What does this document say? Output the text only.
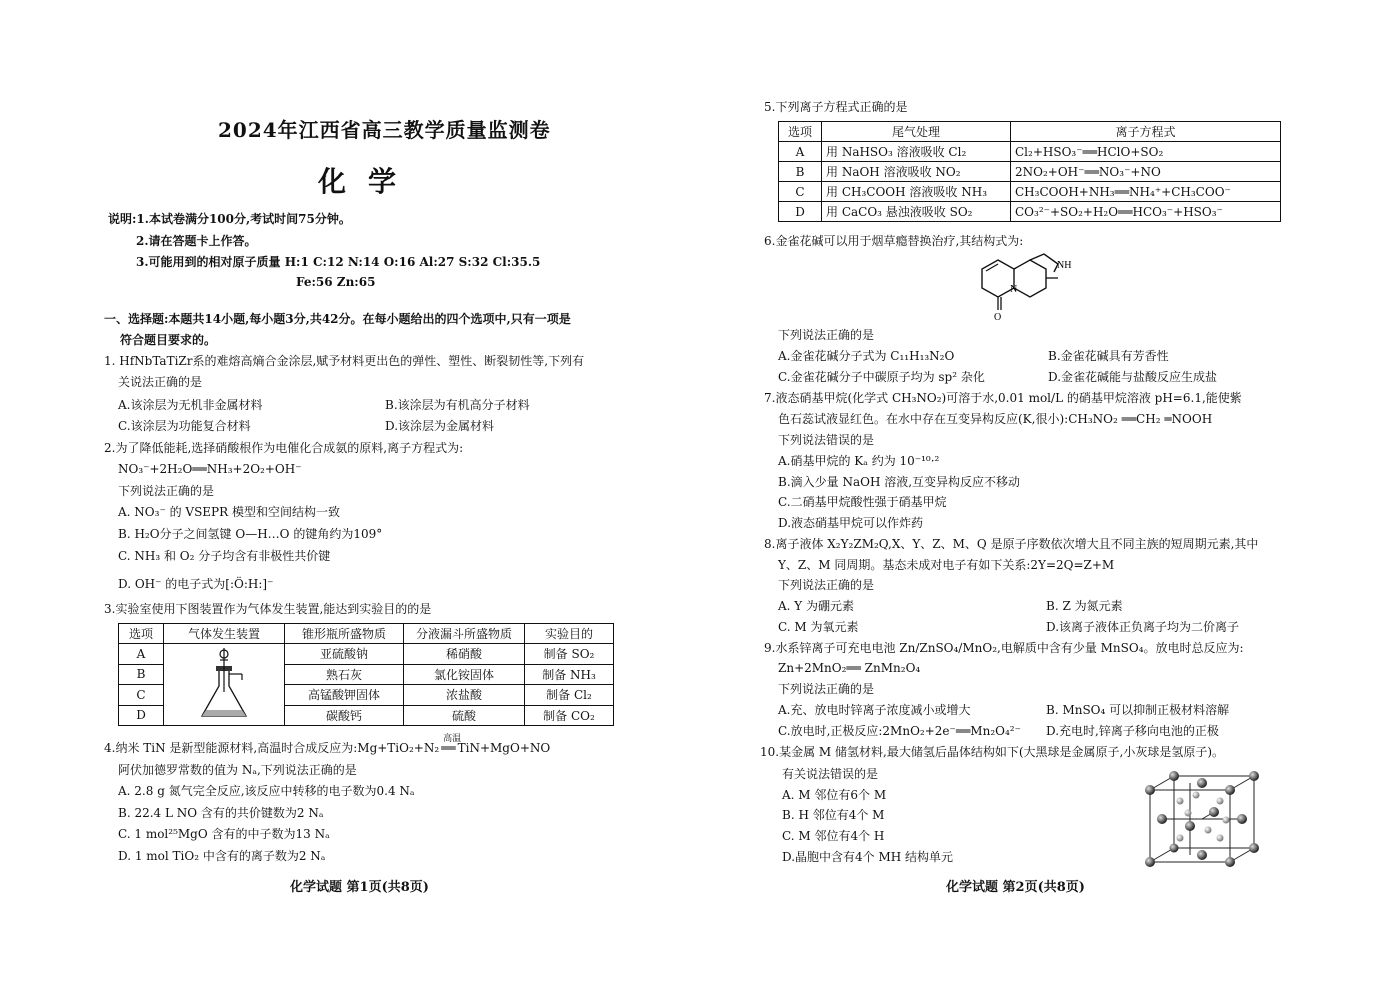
2024年江西省高三教学质量监测卷
化学
说明:1.本试卷满分100分,考试时间75分钟。
2.请在答题卡上作答。
3.可能用到的相对原子质量 H:1 C:12 N:14 O:16 Al:27 S:32 Cl:35.5
Fe:56 Zn:65
一、选择题:本题共14小题,每小题3分,共42分。在每小题给出的四个选项中,只有一项是
符合题目要求的。
1. HfNbTaTiZr系的难熔高熵合金涂层,赋予材料更出色的弹性、塑性、断裂韧性等,下列有
关说法正确的是
A.该涂层为无机非金属材料	B.该涂层为有机高分子材料
C.该涂层为功能复合材料	D.该涂层为金属材料
2.为了降低能耗,选择硝酸根作为电催化合成氨的原料,离子方程式为:
NO₃⁻+2H₂O══NH₃+2O₂+OH⁻
下列说法正确的是
A. NO₃⁻ 的 VSEPR 模型和空间结构一致
B. H₂O分子之间氢键 O—H…O 的键角约为109°
C. NH₃ 和 O₂ 分子均含有非极性共价键
D. OH⁻ 的电子式为[:Ö:H:]⁻
3.实验室使用下图装置作为气体发生装置,能达到实验目的的是
选项	气体发生装置	锥形瓶所盛物质	分液漏斗所盛物质	实验目的
A		亚硫酸钠	稀硝酸	制备 SO₂
B		熟石灰	氯化铵固体	制备 NH₃
C		高锰酸钾固体	浓盐酸	制备 Cl₂
D		碳酸钙	硫酸	制备 CO₂
4.纳米 TiN 是新型能源材料,高温时合成反应为:Mg+TiO₂+N₂
高温
══ TiN+MgO+NO
阿伏加德罗常数的值为 Nₐ,下列说法正确的是
A. 2.8 g 氮气完全反应,该反应中转移的电子数为0.4 Nₐ
B. 22.4 L NO 含有的共价键数为2 Nₐ
C. 1 mol²⁵MgO 含有的中子数为13 Nₐ
D. 1 mol TiO₂ 中含有的离子数为2 Nₐ
化学试题 第1页(共8页)
5.下列离子方程式正确的是
选项	尾气处理	离子方程式
A	用 NaHSO₃ 溶液吸收 Cl₂	Cl₂+HSO₃⁻══HClO+SO₂
B	用 NaOH 溶液吸收 NO₂	2NO₂+OH⁻══NO₃⁻+NO
C	用 CH₃COOH 溶液吸收 NH₃	CH₃COOH+NH₃══NH₄⁺+CH₃COO⁻
D	用 CaCO₃ 悬浊液吸收 SO₂	CO₃²⁻+SO₂+H₂O══HCO₃⁻+HSO₃⁻
6.金雀花碱可以用于烟草瘾替换治疗,其结构式为:
N
NH
O
下列说法正确的是
A.金雀花碱分子式为 C₁₁H₁₃N₂O	B.金雀花碱具有芳香性
C.金雀花碱分子中碳原子均为 sp² 杂化	D.金雀花碱能与盐酸反应生成盐
7.液态硝基甲烷(化学式 CH₃NO₂)可溶于水,0.01 mol/L 的硝基甲烷溶液 pH=6.1,能使紫
色石蕊试液显红色。在水中存在互变异构反应(K,很小):CH₃NO₂ ══CH₂ ═NOOH
下列说法错误的是
A.硝基甲烷的 Kₐ 约为 10⁻¹⁰·²
B.滴入少量 NaOH 溶液,互变异构反应不移动
C.二硝基甲烷酸性强于硝基甲烷
D.液态硝基甲烷可以作炸药
8.离子液体 X₂Y₂ZM₂Q,X、Y、Z、M、Q 是原子序数依次增大且不同主族的短周期元素,其中
Y、Z、M 同周期。基态未成对电子有如下关系:2Y=2Q=Z+M
下列说法正确的是
A. Y 为硼元素	B. Z 为氮元素
C. M 为氧元素	D.该离子液体正负离子均为二价离子
9.水系锌离子可充电电池 Zn/ZnSO₄/MnO₂,电解质中含有少量 MnSO₄。放电时总反应为:
Zn+2MnO₂══ ZnMn₂O₄
下列说法正确的是
A.充、放电时锌离子浓度减小或增大	B. MnSO₄ 可以抑制正极材料溶解
C.放电时,正极反应:2MnO₂+2e⁻══Mn₂O₄²⁻ D.充电时,锌离子移向电池的正极
10.某金属 M 储氢材料,最大储氢后晶体结构如下(大黑球是金属原子,小灰球是氢原子)。
有关说法错误的是
A. M 邻位有6个 M
B. H 邻位有4个 M
C. M 邻位有4个 H
D.晶胞中含有4个 MH 结构单元
化学试题 第2页(共8页)
